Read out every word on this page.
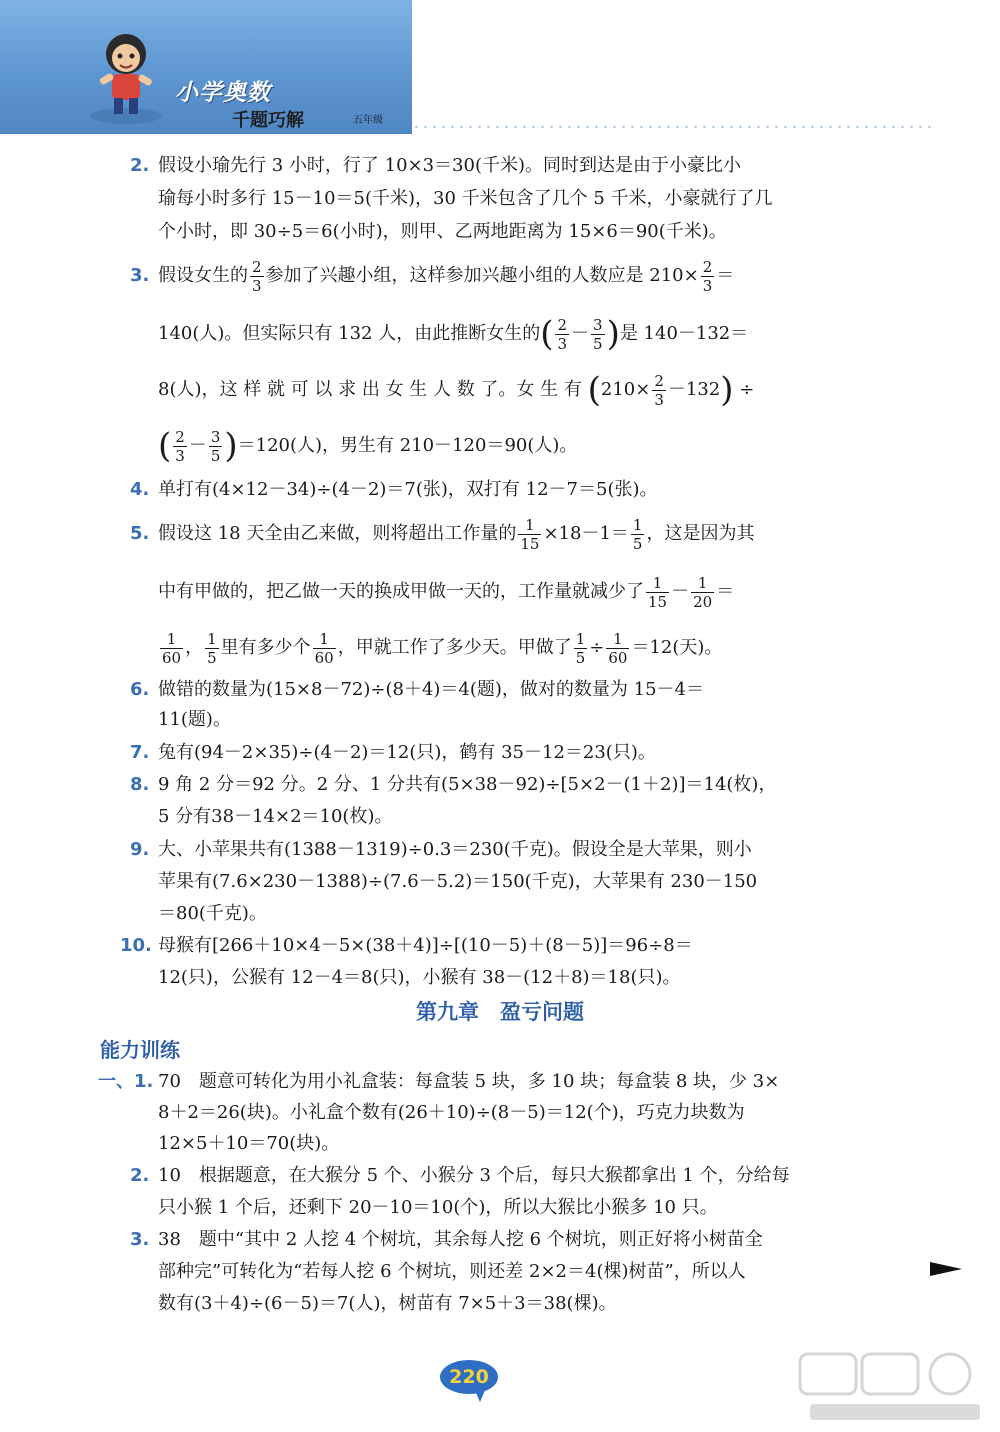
小学奥数
千题巧解	五年级
2. 假设小瑜先行 3 小时，行了 10×3＝30(千米)。同时到达是由于小豪比小
瑜每小时多行 15－10＝5(千米)，30 千米包含了几个 5 千米，小豪就行了几
个小时，即 30÷5＝6(小时)，则甲、乙两地距离为 15×6＝90(千米)。
3. 假设女生的 $\frac{2}{3}$ 参加了兴趣小组，这样参加兴趣小组的人数应是 $210\times \frac{2}{3}$ ＝
140(人)。但实际只有 132 人，由此推断女生的( $\frac{2}{3} - \frac{3}{5}$ )是 140－132＝
8(人)，这 样 就 可 以 求 出 女 生 人 数 了。女 生 有 $(210\times \frac{2}{3} -132)$ ÷
( $\frac{2}{3} - \frac{3}{5} )=120$(人)，男生有 210－120＝90(人)。
4. 单打有(4×12－34)÷(4－2)＝7(张)，双打有 12－7＝5(张)。
5. 假设这 18 天全由乙来做，则将超出工作量的 $\frac{1}{15} \times 18-1= \frac{1}{5}$ ，这是因为其
中有甲做的，把乙做一天的换成甲做一天的，工作量就减少了 $\frac{1}{15} - \frac{1}{20}$ ＝
$\frac{1}{60}$ ， $\frac{1}{5}$ 里有多少个 $\frac{1}{60}$ ，甲就工作了多少天。甲做了 $\frac{1}{5} \div \frac{1}{60} =12$(天)。
6. 做错的数量为(15×8－72)÷(8＋4)＝4(题)，做对的数量为 15－4＝
11(题)。
7. 兔有(94－2×35)÷(4－2)＝12(只)，鹤有 35－12＝23(只)。
8. 9 角 2 分＝92 分。2 分、1 分共有(5×38－92)÷[5×2－(1＋2)]＝14(枚)，
5 分有38－14×2＝10(枚)。
9. 大、小苹果共有(1388－1319)÷0.3＝230(千克)。假设全是大苹果，则小
苹果有(7.6×230－1388)÷(7.6－5.2)＝150(千克)，大苹果有 230－150
＝80(千克)。
10. 母猴有[266＋10×4－5×(38＋4)]÷[(10－5)＋(8－5)]＝96÷8＝
12(只)，公猴有 12－4＝8(只)，小猴有 38－(12＋8)＝18(只)。
第九章　盈亏问题
能力训练
一、1. 70　题意可转化为用小礼盒装：每盒装 5 块，多 10 块；每盒装 8 块，少 3×
8＋2＝26(块)。小礼盒个数有(26＋10)÷(8－5)＝12(个)，巧克力块数为
12×5＋10＝70(块)。
2. 10　根据题意，在大猴分 5 个、小猴分 3 个后，每只大猴都拿出 1 个，分给每
只小猴 1 个后，还剩下 20－10＝10(个)，所以大猴比小猴多 10 只。
3. 38　题中“其中 2 人挖 4 个树坑，其余每人挖 6 个树坑，则正好将小树苗全
部种完”可转化为“若每人挖 6 个树坑，则还差 2×2＝4(棵)树苗”，所以人
数有(3＋4)÷(6－5)＝7(人)，树苗有 7×5＋3＝38(棵)。
220
